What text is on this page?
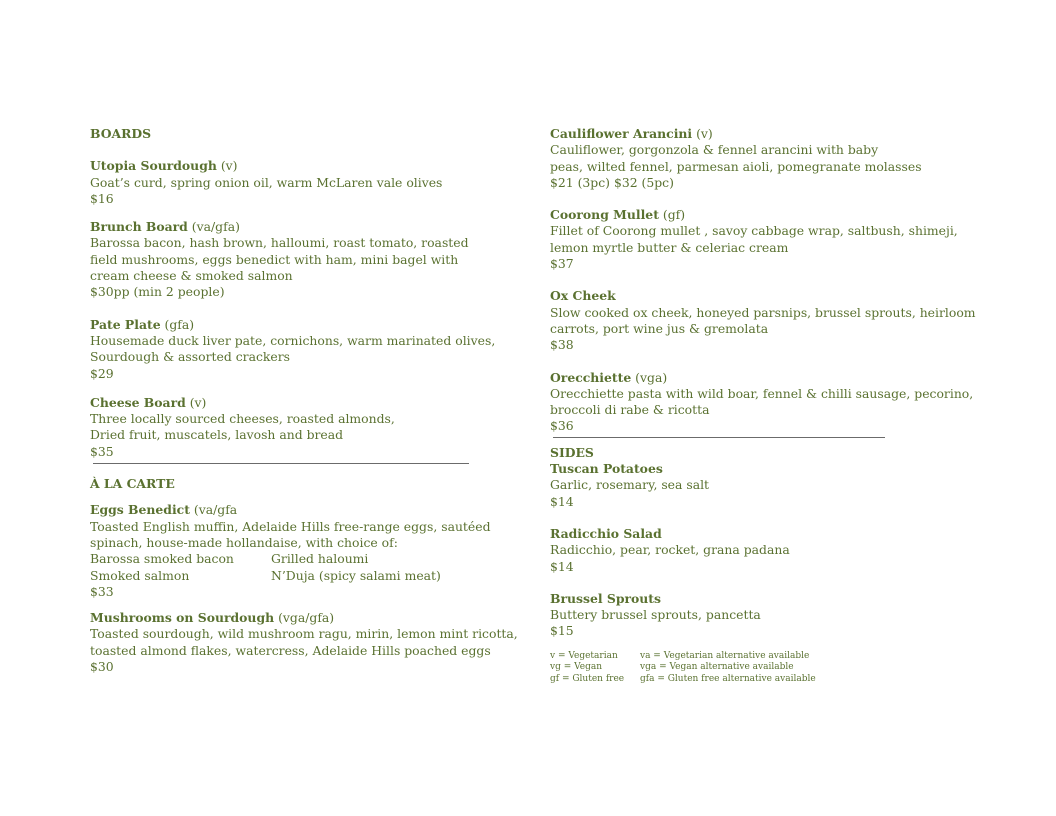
BOARDS
Utopia Sourdough (v)
Goat’s curd, spring onion oil, warm McLaren vale olives
$16
Brunch Board (va/gfa)
Barossa bacon, hash brown, halloumi, roast tomato, roasted
field mushrooms, eggs benedict with ham, mini bagel with
cream cheese & smoked salmon
$30pp (min 2 people)
Pate Plate (gfa)
Housemade duck liver pate, cornichons, warm marinated olives,
Sourdough & assorted crackers
$29
Cheese Board (v)
Three locally sourced cheeses, roasted almonds,
Dried fruit, muscatels, lavosh and bread
$35
À LA CARTE
Eggs Benedict (va/gfa
Toasted English muffin, Adelaide Hills free-range eggs, sautéed
spinach, house-made hollandaise, with choice of:
Barossa smoked bacon	Grilled haloumi
Smoked salmon	N’Duja (spicy salami meat)
$33
Mushrooms on Sourdough (vga/gfa)
Toasted sourdough, wild mushroom ragu, mirin, lemon mint ricotta,
toasted almond flakes, watercress, Adelaide Hills poached eggs
$30
Cauliflower Arancini (v)
Cauliflower, gorgonzola & fennel arancini with baby
peas, wilted fennel, parmesan aioli, pomegranate molasses
$21 (3pc) $32 (5pc)
Coorong Mullet (gf)
Fillet of Coorong mullet , savoy cabbage wrap, saltbush, shimeji,
lemon myrtle butter & celeriac cream
$37
Ox Cheek
Slow cooked ox cheek, honeyed parsnips, brussel sprouts, heirloom
carrots, port wine jus & gremolata
$38
Orecchiette (vga)
Orecchiette pasta with wild boar, fennel & chilli sausage, pecorino,
broccoli di rabe & ricotta
$36
SIDES
Tuscan Potatoes
Garlic, rosemary, sea salt
$14
Radicchio Salad
Radicchio, pear, rocket, grana padana
$14
Brussel Sprouts
Buttery brussel sprouts, pancetta
$15
v = Vegetarian	va = Vegetarian alternative available
vg = Vegan	vga = Vegan alternative available
gf = Gluten free	gfa = Gluten free alternative available
